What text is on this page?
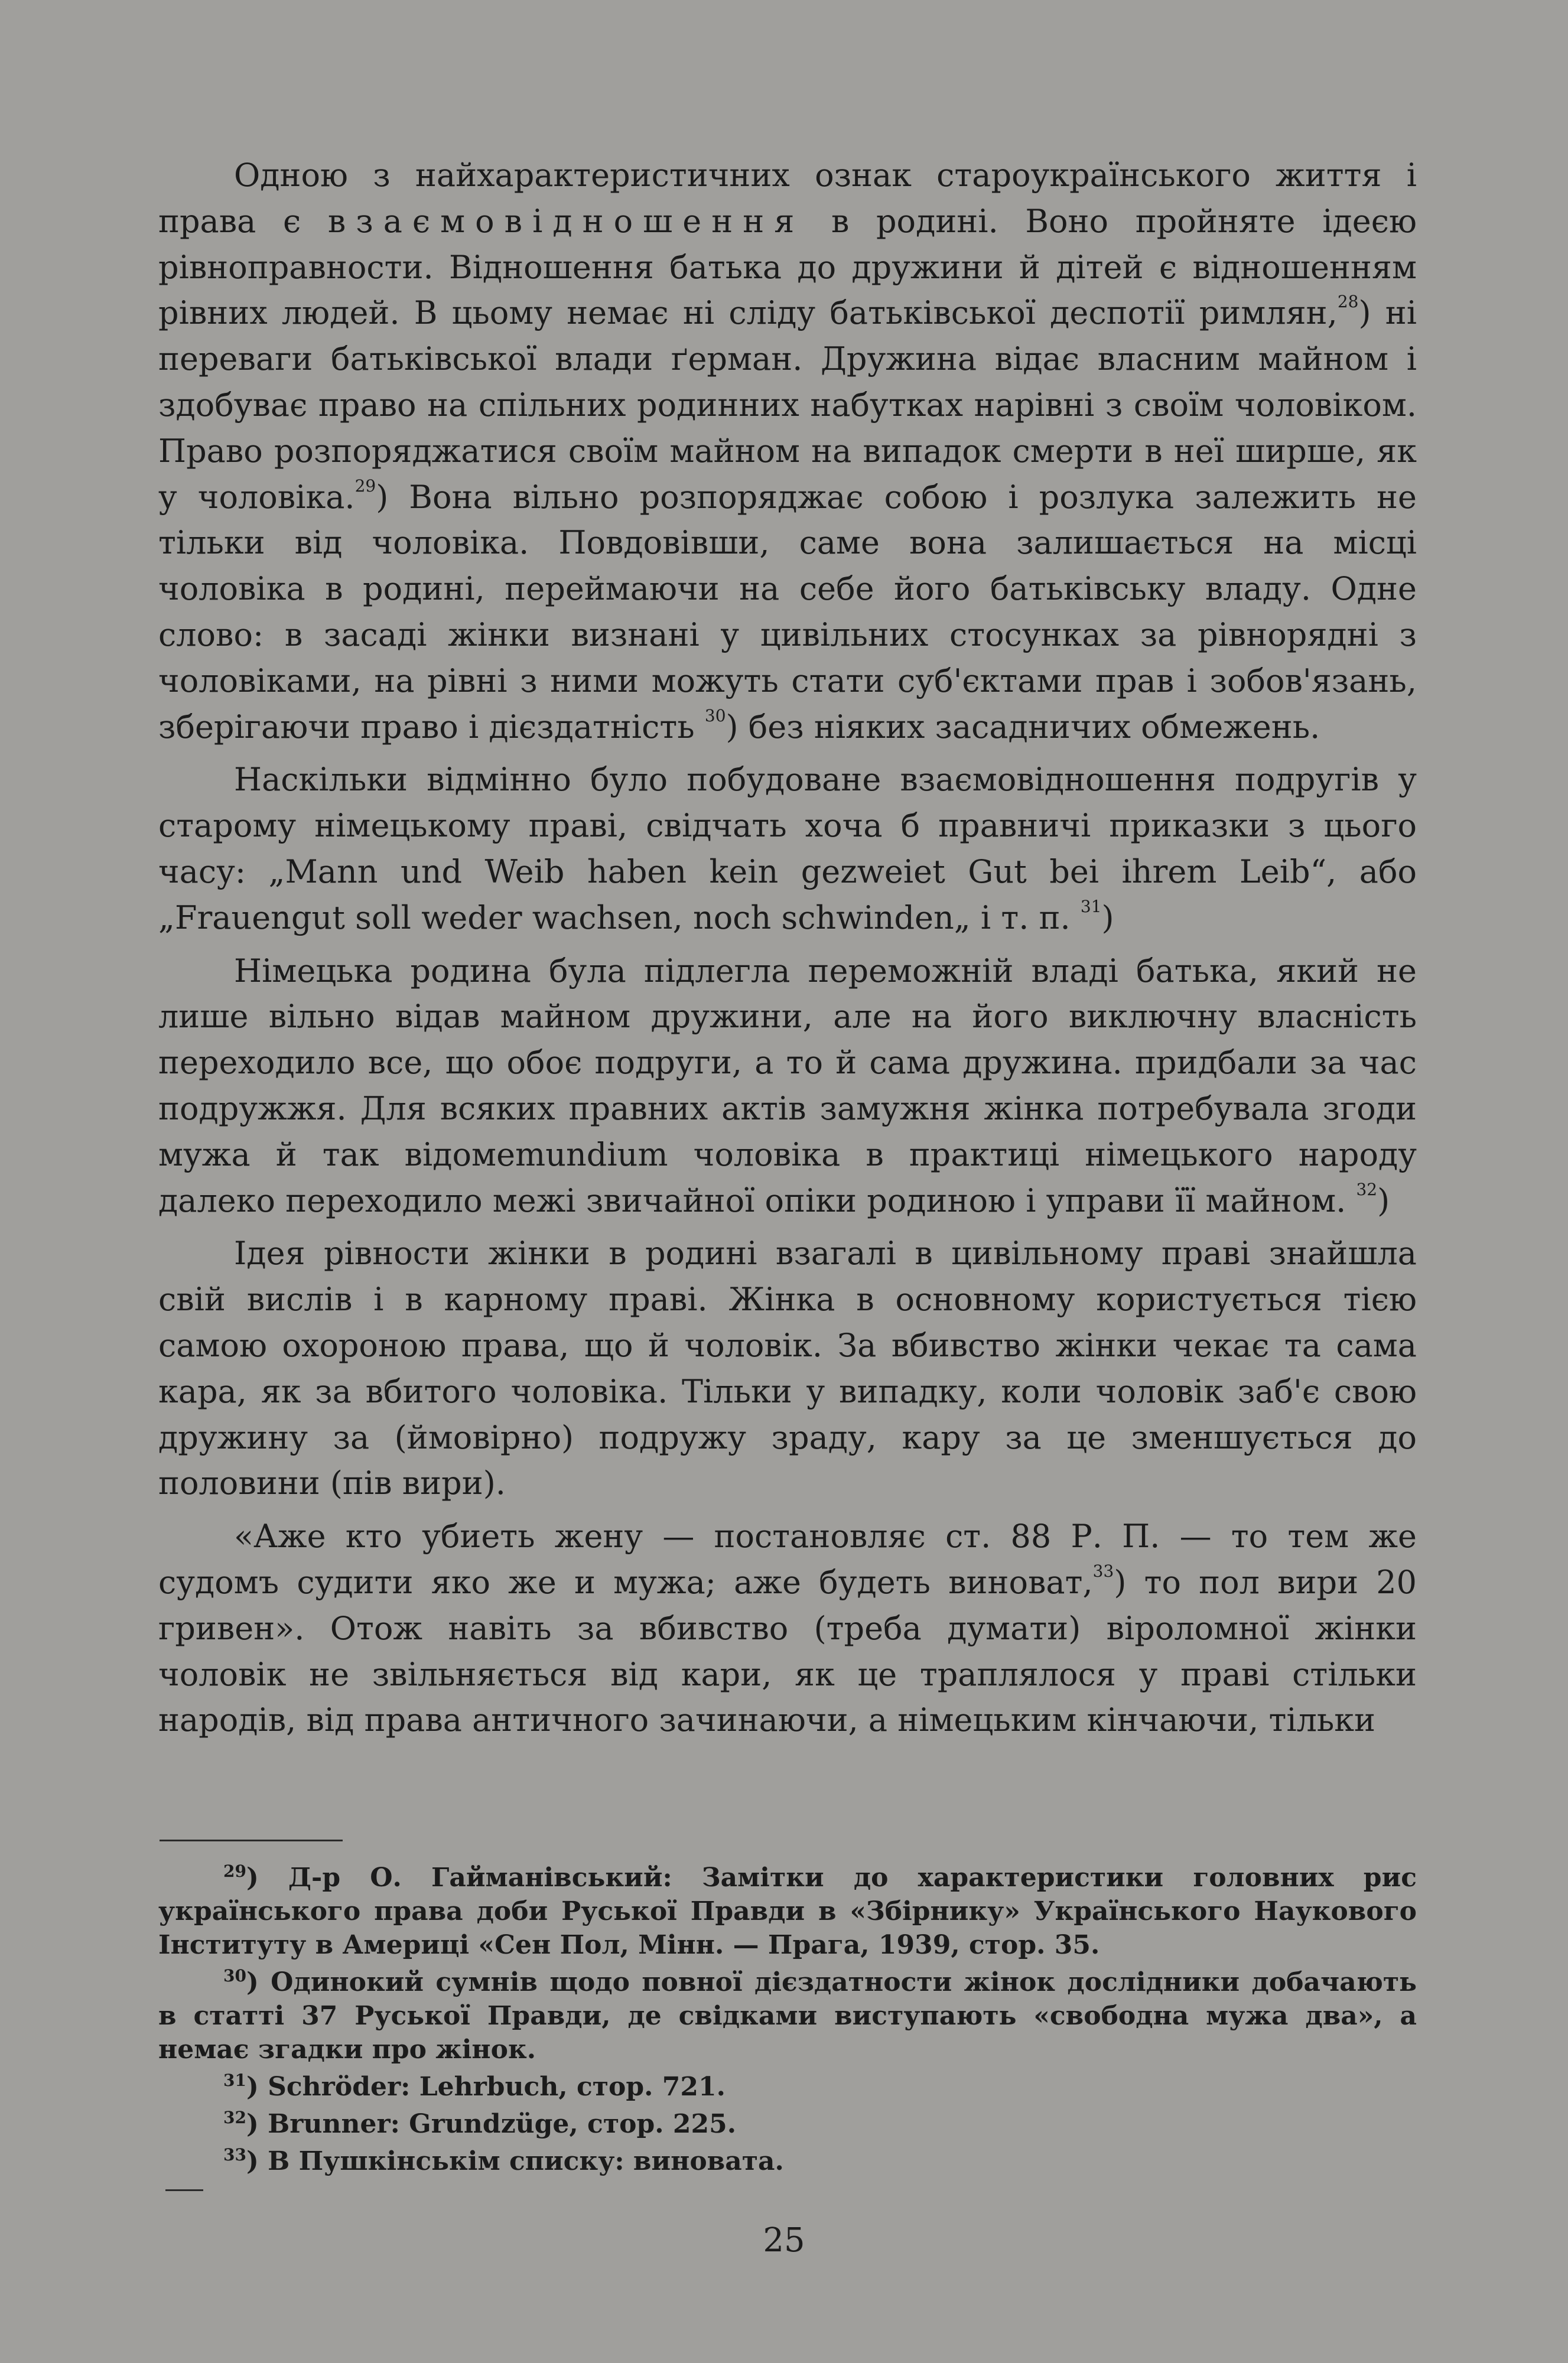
Одною з найхарактеристичних ознак староукраїнського життя і права є взаємовідношення в родині. Воно пройняте ідеєю рівноправности. Відношення батька до дружини й дітей є відношенням рівних людей. В цьому немає ні сліду батьківської деспотії римлян,$^{28}$) ні переваги батьківської влади ґерман. Дружина відає власним майном і здобуває право на спільних родинних набутках нарівні з своїм чоловіком. Право розпоряджатися своїм майном на випадок смерти в неї ширше, як у чоловіка.$^{29}$) Вона вільно розпоряджає собою і розлука залежить не тільки від чоловіка. Повдовівши, саме вона залишається на місці чоловіка в родині, переймаючи на себе його батьківську владу. Одне слово: в засаді жінки визнані у цивільних стосунках за рівнорядні з чоловіками, на рівні з ними можуть стати суб'єктами прав і зобов'язань, зберігаючи право і дієздатність $^{30}$) без ніяких засадничих обмежень.

Наскільки відмінно було побудоване взаємовідношення подругів у старому німецькому праві, свідчать хоча б правничі приказки з цього часу: „Mann und Weib haben kein gezweiet Gut bei ihrem Leib“, або „Frauengut soll weder wachsen, noch schwinden„ і т. п. $^{31}$)

Німецька родина була підлегла переможній владі батька, який не лише вільно відав майном дружини, але на його виключну власність переходило все, що обоє подруги, а то й сама дружина. придбали за час подружжя. Для всяких правних актів замужня жінка потребувала згоди мужа й так відомеmundium чоловіка в практиці німецького народу далеко переходило межі звичайної опіки родиною і управи її майном. $^{32}$)

Ідея рівности жінки в родині взагалі в цивільному праві знайшла свій вислів і в карному праві. Жінка в основному користується тією самою охороною права, що й чоловік. За вбивство жінки чекає та сама кара, як за вбитого чоловіка. Тільки у випадку, коли чоловік заб'є свою дружину за (ймовірно) подружу зраду, кару за це зменшується до половини (пів вири).

«Аже кто убиеть жену — постановляє ст. 88 Р. П. — то тем же судомъ судити яко же и мужа; аже будеть виноват,$^{33}$) то пол вири 20 гривен». Отож навіть за вбивство (треба думати) віроломної жінки чоловік не звільняється від кари, як це траплялося у праві стільки народів, від права античного зачинаючи, а німецьким кінчаючи, тільки

$^{29}$) Д-р О. Гайманівський: Замітки до характеристики головних рис українського права доби Руської Правди в «Збірнику» Українського Наукового Інституту в Америці «Сен Пол, Мінн. — Прага, 1939, стор. 35.

$^{30}$) Одинокий сумнів щодо повної дієздатности жінок дослідники добачають в статті 37 Руської Правди, де свідками виступають «свободна мужа два», а немає згадки про жінок.

$^{31}$) Schröder: Lehrbuch, стор. 721.

$^{32}$) Brunner: Grundzüge, стор. 225.

$^{33}$) В Пушкінськім списку: виновата.

25
